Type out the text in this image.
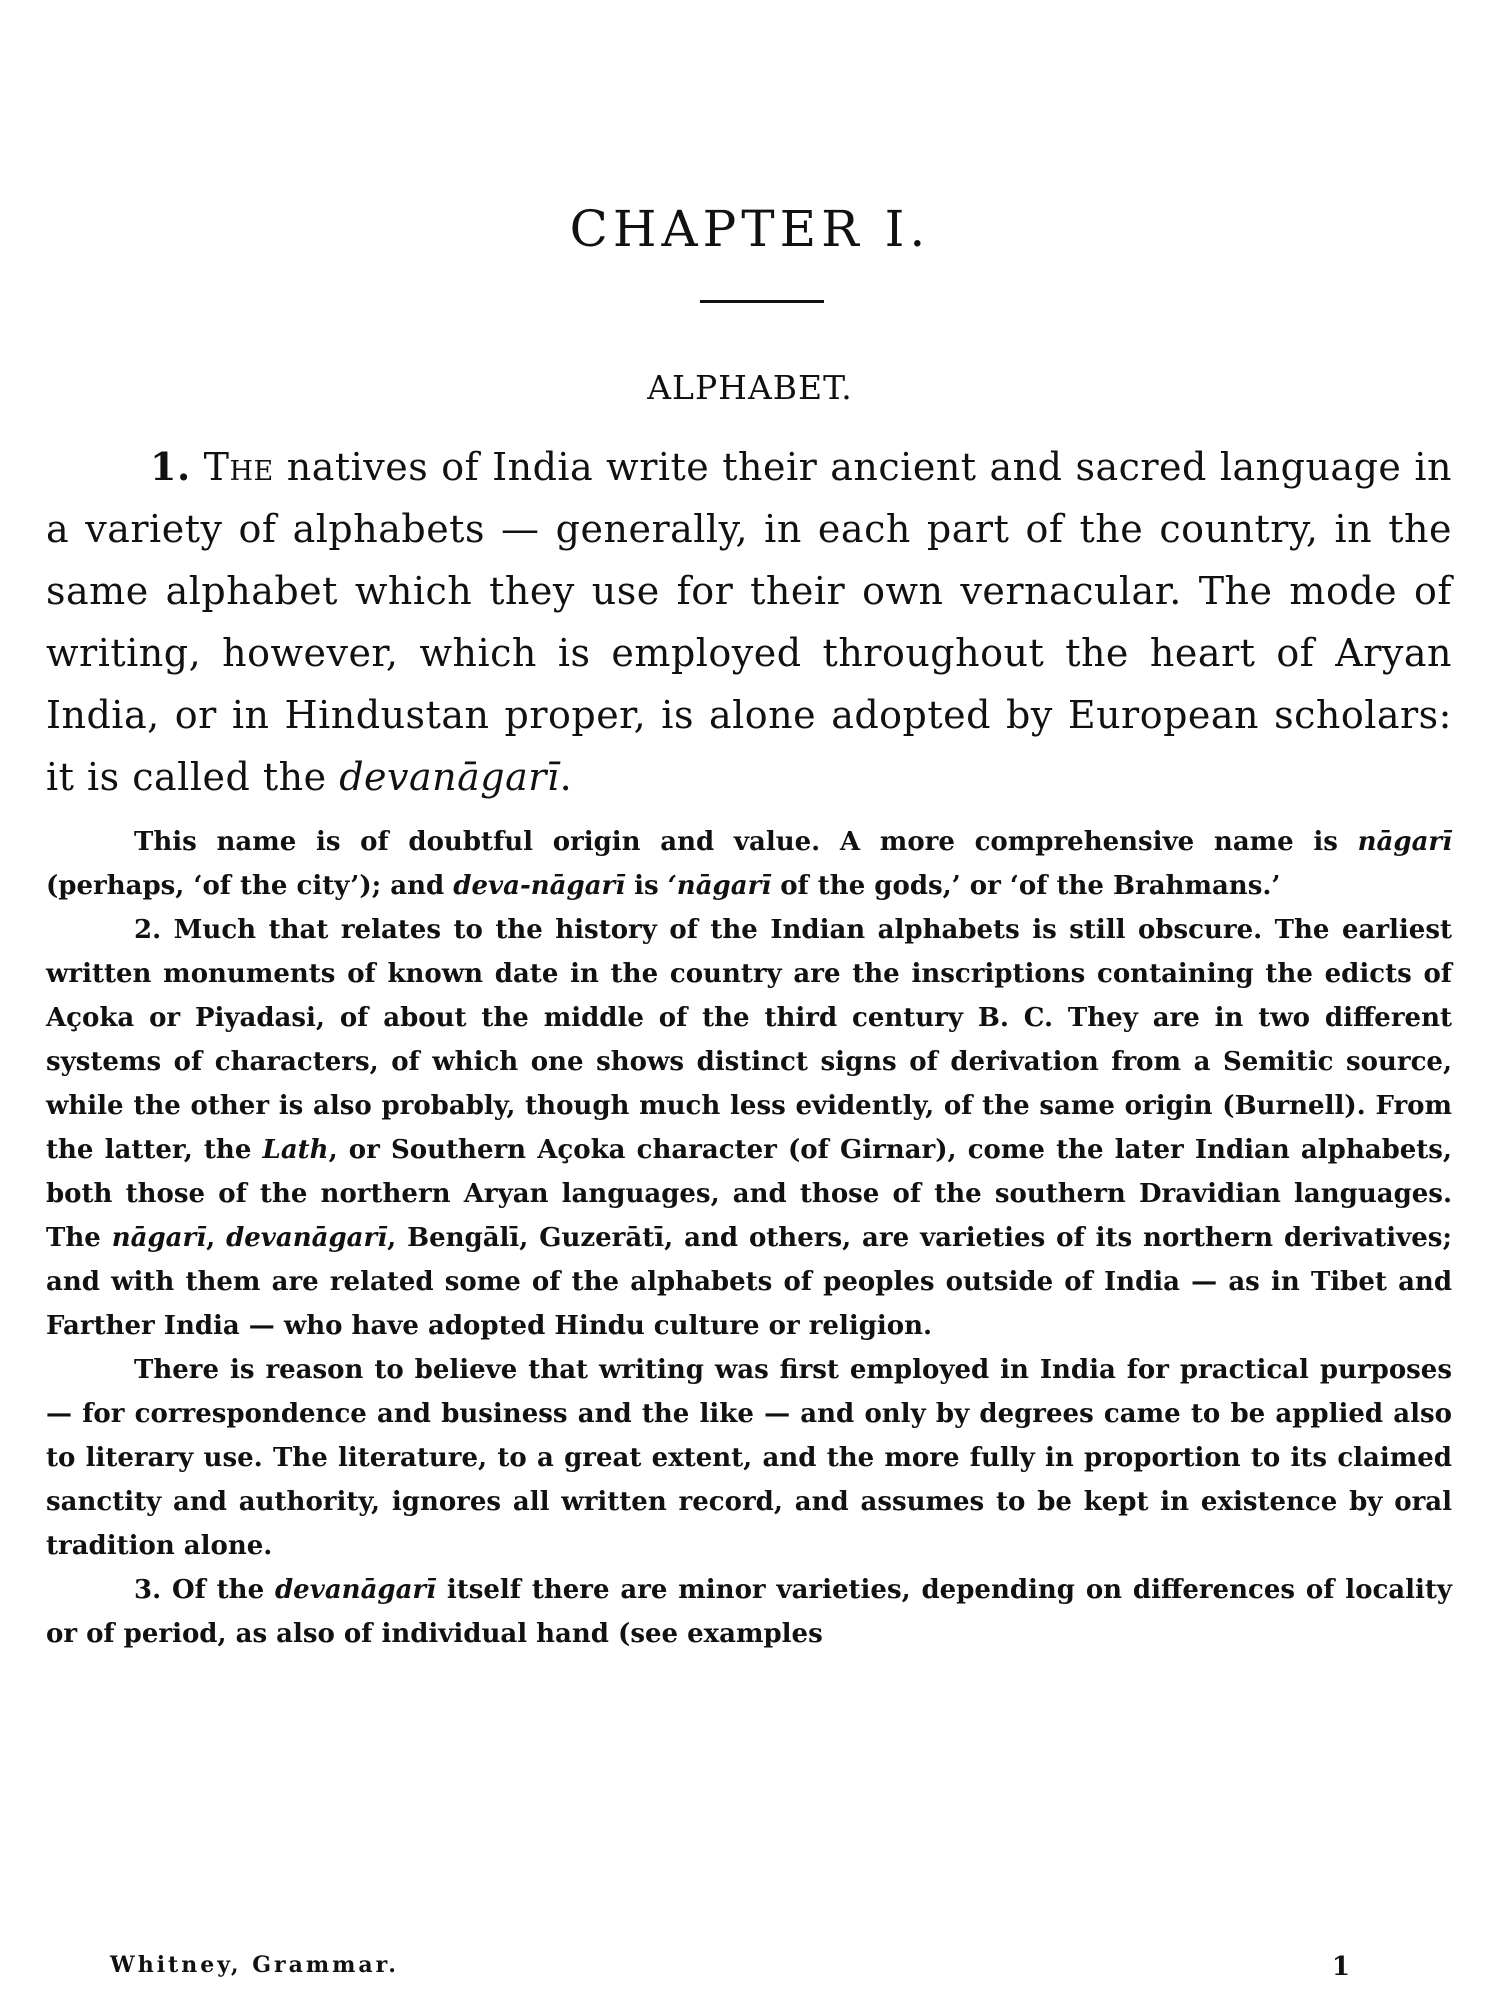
CHAPTER I.
ALPHABET.

1. The natives of India write their ancient and sacred language in a variety of alphabets — generally, in each part of the country, in the same alphabet which they use for their own vernacular. The mode of writing, however, which is employed throughout the heart of Aryan India, or in Hindustan proper, is alone adopted by European scholars: it is called the devanāgarī.

This name is of doubtful origin and value. A more comprehensive name is nāgarī (perhaps, ‘of the city’); and deva-nāgarī is ‘nāgarī of the gods,’ or ‘of the Brahmans.’

2. Much that relates to the history of the Indian alphabets is still obscure. The earliest written monuments of known date in the country are the inscriptions containing the edicts of Açoka or Piyadasi, of about the middle of the third century B. C. They are in two different systems of characters, of which one shows distinct signs of derivation from a Semitic source, while the other is also probably, though much less evidently, of the same origin (Burnell). From the latter, the Lath, or Southern Açoka character (of Girnar), come the later Indian alphabets, both those of the northern Aryan languages, and those of the southern Dravidian languages. The nāgarī, devanāgarī, Bengālī, Guzerātī, and others, are varieties of its northern derivatives; and with them are related some of the alphabets of peoples outside of India — as in Tibet and Farther India — who have adopted Hindu culture or religion.

There is reason to believe that writing was first employed in India for practical purposes — for correspondence and business and the like — and only by degrees came to be applied also to literary use. The literature, to a great extent, and the more fully in proportion to its claimed sanctity and authority, ignores all written record, and assumes to be kept in existence by oral tradition alone.

3. Of the devanāgarī itself there are minor varieties, depending on differences of locality or of period, as also of individual hand (see examples

Whitney, Grammar.	1
